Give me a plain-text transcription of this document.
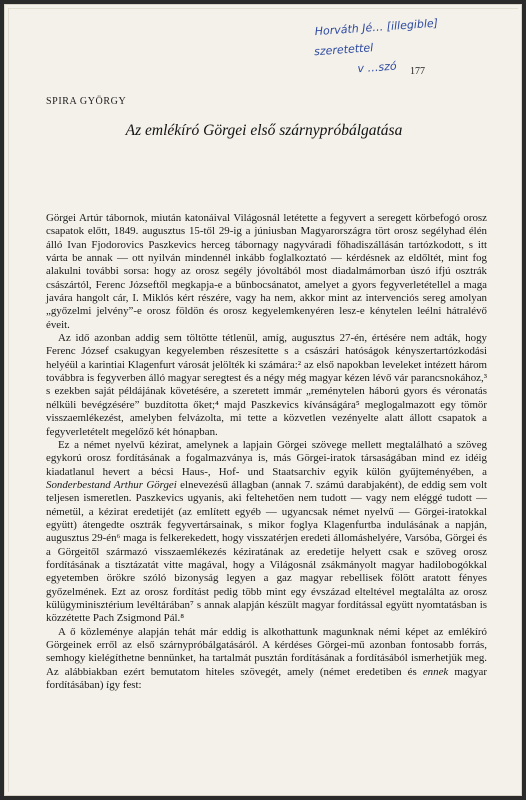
Horváth Jé… [illegible]
szeretettel
v …szó	177
SPIRA GYÖRGY
Az emlékíró Görgei első szárnypróbálgatása

Görgei Artúr tábornok, miután katonáival Világosnál letétette a fegyvert a seregett körbefogó orosz csapatok előtt, 1849. augusztus 15-től 29-ig a júniusban Magyarországra tört orosz segélyhad élén álló Ivan Fjodorovics Paszkevics herceg tábornagy nagyváradi főhadiszállásán tartózkodott, s itt várta be annak — ott nyilván mindennél inkább foglalkoztató — kérdésnek az eldőltét, mint fog alakulni további sorsa: hogy az orosz segély jóvoltából most diadalmámorban úszó ifjú osztrák császártól, Ferenc Józseftől megkapja-e a bűnbocsánatot, amelyet a gyors fegyverletétellel a maga javára hangolt cár, I. Miklós kért részére, vagy ha nem, akkor mint az intervenciós sereg amolyan „győzelmi jelvény”-e orosz földön és orosz kegyelemkenyéren lesz-e kénytelen leélni hátralévő éveit.

Az idő azonban addig sem töltötte tétlenül, amíg, augusztus 27-én, értésére nem adták, hogy Ferenc József csakugyan kegyelemben részesítette s a császári hatóságok kényszertartózkodási helyéül a karintiai Klagenfurt városát jelölték ki számára:² az első napokban leveleket intézett három továbbra is fegyverben álló magyar seregtest és a négy még magyar kézen lévő vár parancsnokához,³ s ezekben saját példájának követésére, a szeretett immár „reménytelen háború gyors és véronatás nélküli bevégzésére” buzdította őket;⁴ majd Paszkevics kívánságára⁵ meglogalmazott egy tömör visszaemlékezést, amelyben felvázolta, mi tette a közvetlen vezényelte alatt állott csapatok a fegyverletételt megelőző két hónapban.

Ez a német nyelvű kézirat, amelynek a lapjain Görgei szövege mellett megtalálható a szöveg egykorú orosz fordításának a fogalmazványa is, más Görgei-iratok társaságában mind ez idéig kiadatlanul hevert a bécsi Haus-, Hof- und Staatsarchiv egyik külön gyűjteményében, a Sonderbestand Arthur Görgei elnevezésű állagban (annak 7. számú darabjaként), de eddig sem volt teljesen ismeretlen. Paszkevics ugyanis, aki feltehetően nem tudott — vagy nem eléggé tudott — németül, a kézirat eredetijét (az említett egyéb — ugyancsak német nyelvű — Görgei-iratokkal együtt) átengedte osztrák fegyvertársainak, s mikor foglya Klagenfurtba indulásának a napján, augusztus 29-én⁶ maga is felkerekedett, hogy visszatérjen eredeti állomáshelyére, Varsóba, Görgei és a Görgeitől származó visszaemlékezés kéziratának az eredetije helyett csak e szöveg orosz fordításának a tisztázatát vitte magával, hogy a Világosnál zsákmányolt magyar hadilobogókkal egyetemben örökre szóló bizonyság legyen a gaz magyar rebellisek fölött aratott fényes győzelmének. Ezt az orosz fordítást pedig több mint egy évszázad elteltével megtalálta az orosz külügyminisztérium levéltárában⁷ s annak alapján készült magyar fordítással együtt nyomtatásban is közzétette Pach Zsigmond Pál.⁸

A ő közleménye alapján tehát már eddig is alkothattunk magunknak némi képet az emlékíró Görgeinek erről az első szárnypróbálgatásáról. A kérdéses Görgei-mű azonban fontosabb forrás, semhogy kielégíthetne bennünket, ha tartalmát pusztán fordításának a fordításából ismerhetjük meg. Az alábbiakban ezért bemutatom hiteles szövegét, amely (német eredetiben és ennek magyar fordításában) így fest:
